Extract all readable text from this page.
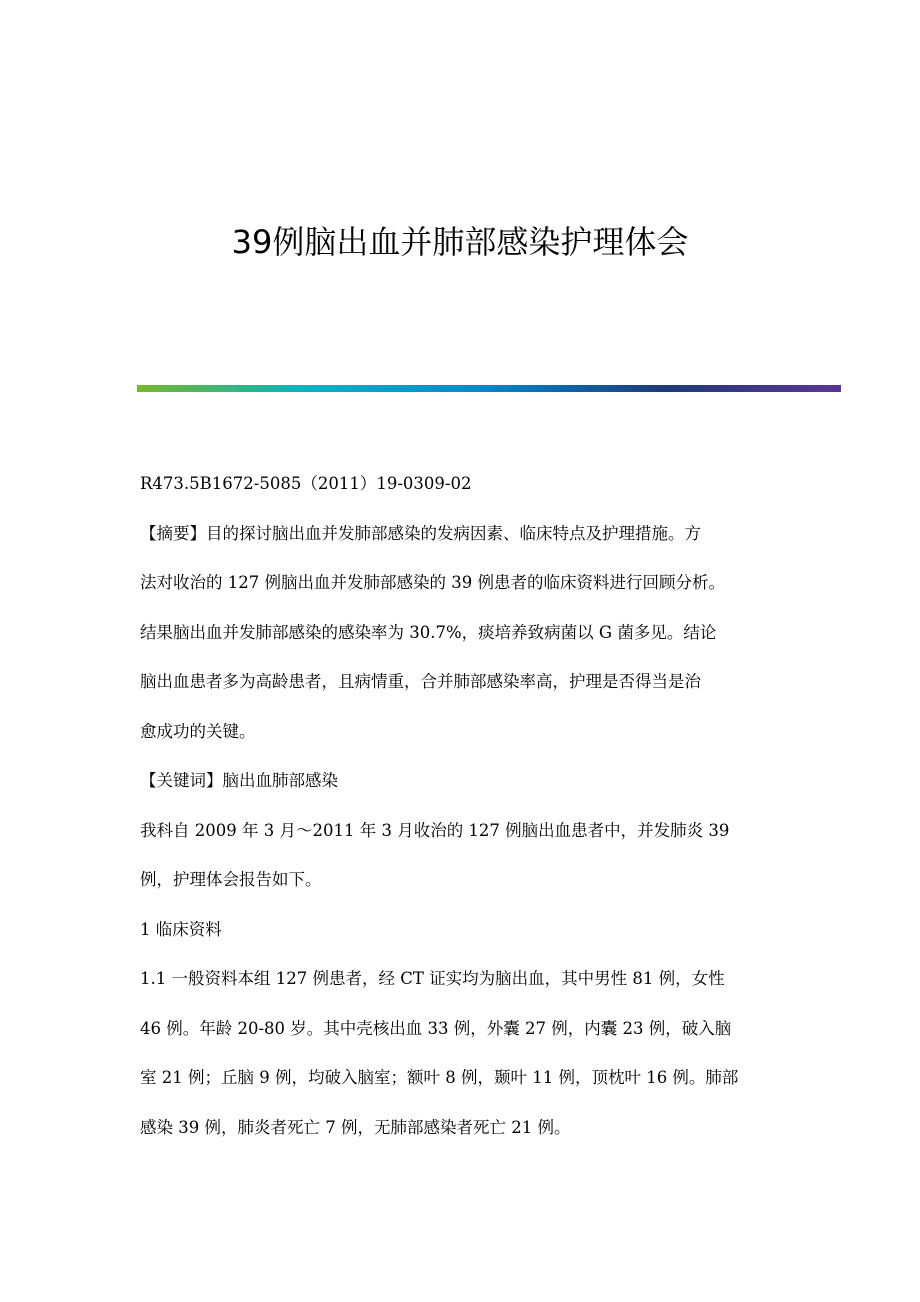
39例脑出血并肺部感染护理体会

R473.5B1672-5085（2011）19-0309-02

【摘要】目的探讨脑出血并发肺部感染的发病因素、临床特点及护理措施。方
法对收治的 127 例脑出血并发肺部感染的 39 例患者的临床资料进行回顾分析。
结果脑出血并发肺部感染的感染率为 30.7%，痰培养致病菌以 G 菌多见。结论
脑出血患者多为高龄患者，且病情重，合并肺部感染率高，护理是否得当是治
愈成功的关键。

【关键词】脑出血肺部感染

我科自 2009 年 3 月～2011 年 3 月收治的 127 例脑出血患者中，并发肺炎 39
例，护理体会报告如下。

1 临床资料

1.1 一般资料本组 127 例患者，经 CT 证实均为脑出血，其中男性 81 例，女性
46 例。年龄 20-80 岁。其中壳核出血 33 例，外囊 27 例，内囊 23 例，破入脑
室 21 例；丘脑 9 例，均破入脑室；额叶 8 例，颞叶 11 例，顶枕叶 16 例。肺部
感染 39 例，肺炎者死亡 7 例，无肺部感染者死亡 21 例。
